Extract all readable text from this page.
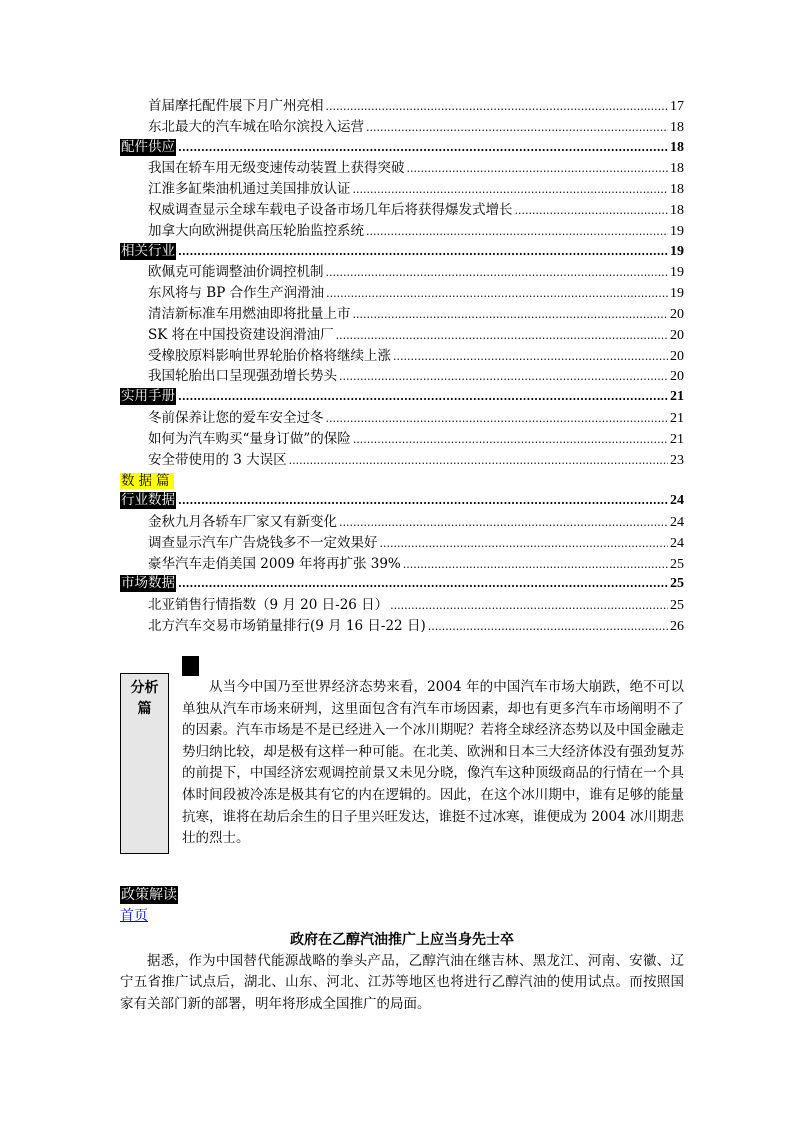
首届摩托配件展下月广州亮相 .....	17
东北最大的汽车城在哈尔滨投入运营 .....	18
配件供应 .....	18
我国在轿车用无级变速传动装置上获得突破 .....	18
江淮多缸柴油机通过美国排放认证 .....	18
权威调查显示全球车载电子设备市场几年后将获得爆发式增长 .....	18
加拿大向欧洲提供高压轮胎监控系统 .....	19
相关行业 .....	19
欧佩克可能调整油价调控机制 .....	19
东风将与 BP 合作生产润滑油 .....	19
清洁新标准车用燃油即将批量上市 .....	20
SK 将在中国投资建设润滑油厂 .....	20
受橡胶原料影响世界轮胎价格将继续上涨 .....	20
我国轮胎出口呈现强劲增长势头 .....	20
实用手册 .....	21
冬前保养让您的爱车安全过冬 .....	21
如何为汽车购买“量身订做”的保险 .....	21
安全带使用的 3 大误区 .....	23
数据篇
行业数据 .....	24
金秋九月各轿车厂家又有新变化 .....	24
调查显示汽车广告烧钱多不一定效果好 .....	24
豪华汽车走俏美国 2009 年将再扩张 39% .....	25
市场数据 .....	25
北亚销售行情指数（9 月 20 日-26 日） .....	25
北方汽车交易市场销量排行(9 月 16 日-22 日) .....	26
分析
篇
从当今中国乃至世界经济态势来看，2004 年的中国汽车市场大崩跌，绝不可以单独从汽车市场来研判，这里面包含有汽车市场因素，却也有更多汽车市场阐明不了的因素。汽车市场是不是已经进入一个冰川期呢？若将全球经济态势以及中国金融走势归纳比较，却是极有这样一种可能。在北美、欧洲和日本三大经济体没有强劲复苏的前提下，中国经济宏观调控前景又未见分晓，像汽车这种顶级商品的行情在一个具体时间段被冷冻是极其有它的内在逻辑的。因此，在这个冰川期中，谁有足够的能量抗寒，谁将在劫后余生的日子里兴旺发达，谁挺不过冰寒，谁便成为 2004 冰川期悲壮的烈士。
政策解读
首页
政府在乙醇汽油推广上应当身先士卒
据悉，作为中国替代能源战略的拳头产品，乙醇汽油在继吉林、黑龙江、河南、安徽、辽宁五省推广试点后，湖北、山东、河北、江苏等地区也将进行乙醇汽油的使用试点。而按照国家有关部门新的部署，明年将形成全国推广的局面。
